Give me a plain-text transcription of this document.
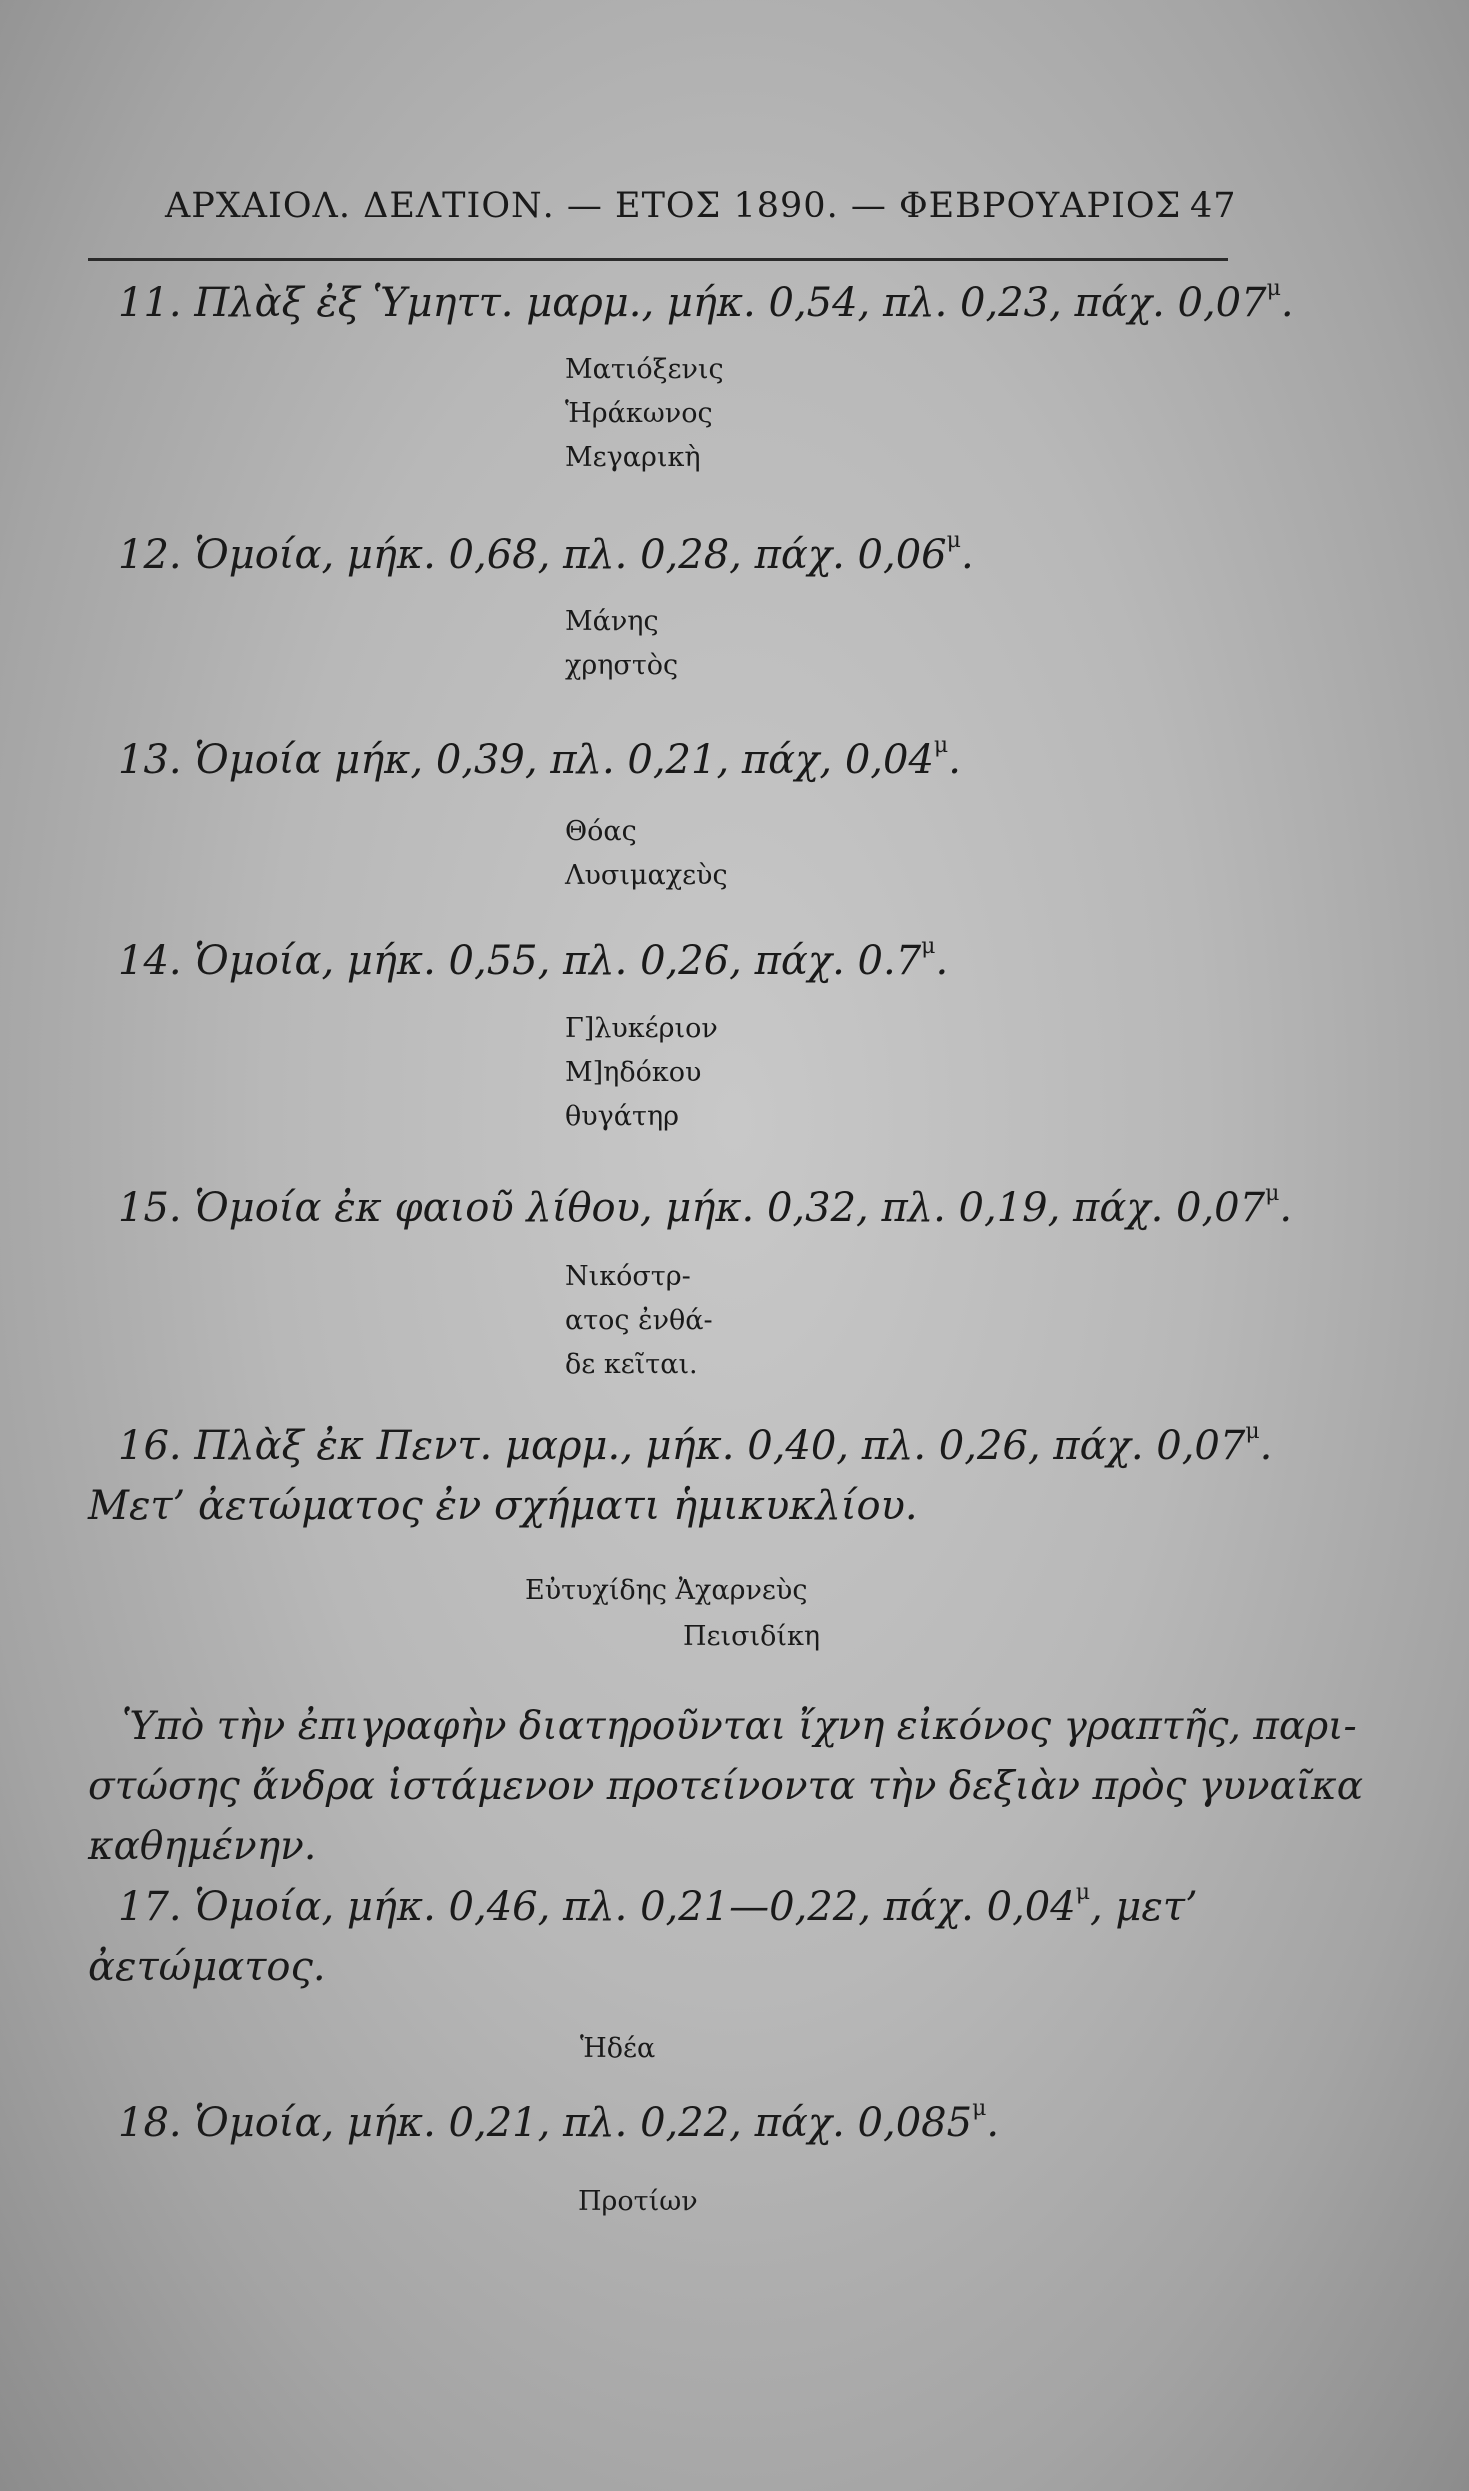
ΑΡΧΑΙΟΛ. ΔΕΛΤΙΟΝ. — ΕΤΟΣ 1890. — ΦΕΒΡΟΥΑΡΙΟΣ 47
11. Πλὰξ ἐξ Ὑμηττ. μαρμ., μήκ. 0,54, πλ. 0,23, πάχ. $0,07^\mu$.
Ματιόξενις
Ἡράκωνος
Μεγαρικὴ
12. Ὁμοία, μήκ. 0,68, πλ. 0,28, πάχ. $0,06^\mu$.
Μάνης
χρηστὸς
13. Ὁμοία μήκ, 0,39, πλ. 0,21, πάχ, $0,04^\mu$.
Θόας
Λυσιμαχεὺς
14. Ὁμοία, μήκ. 0,55, πλ. 0,26, πάχ. $0.7^\mu$.
Γ]λυκέριον
Μ]ηδόκου
θυγάτηρ
15. Ὁμοία ἐκ φαιοῦ λίθου, μήκ. 0,32, πλ. 0,19, πάχ. $0,07^\mu$.
Νικόστρ-
ατος ἐνθά-
δε κεῖται.
16. Πλὰξ ἐκ Πεντ. μαρμ., μήκ. 0,40, πλ. 0,26, πάχ. $0,07^\mu$.
Μετ’ ἀετώματος ἐν σχήματι ἡμικυκλίου.
Εὐτυχίδης Ἀχαρνεὺς
Πεισιδίκη
Ὑπὸ τὴν ἐπιγραφὴν διατηροῦνται ἴχνη εἰκόνος γραπτῆς, παρι-
στώσης ἄνδρα ἱστάμενον προτείνοντα τὴν δεξιὰν πρὸς γυναῖκα
καθημένην.
17. Ὁμοία, μήκ. 0,46, πλ. 0,21—0,22, πάχ. $0,04^\mu$, μετ’
ἀετώματος.
Ἡδέα
18. Ὁμοία, μήκ. 0,21, πλ. 0,22, πάχ. $0,085^\mu$.
Προτίων
